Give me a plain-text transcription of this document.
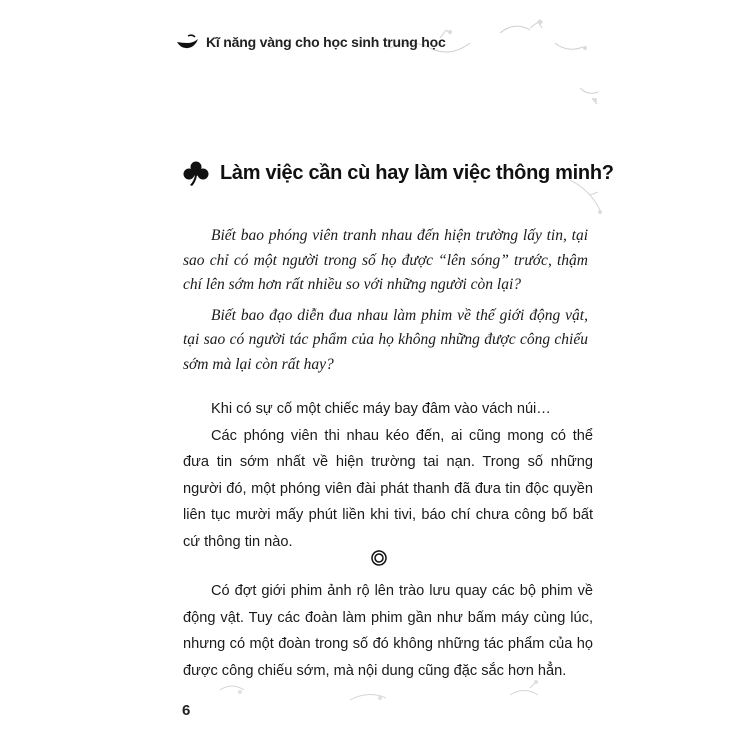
Kĩ năng vàng cho học sinh trung học
Làm việc cần cù hay làm việc thông minh?

Biết bao phóng viên tranh nhau đến hiện trường lấy tin, tại sao chỉ có một người trong số họ được “lên sóng” trước, thậm chí lên sớm hơn rất nhiều so với những người còn lại?

Biết bao đạo diễn đua nhau làm phim về thế giới động vật, tại sao có người tác phẩm của họ không những được công chiếu sớm mà lại còn rất hay?

Khi có sự cố một chiếc máy bay đâm vào vách núi…

Các phóng viên thi nhau kéo đến, ai cũng mong có thể đưa tin sớm nhất về hiện trường tai nạn. Trong số những người đó, một phóng viên đài phát thanh đã đưa tin độc quyền liên tục mười mấy phút liền khi tivi, báo chí chưa công bố bất cứ thông tin nào.

Có đợt giới phim ảnh rộ lên trào lưu quay các bộ phim về động vật. Tuy các đoàn làm phim gần như bấm máy cùng lúc, nhưng có một đoàn trong số đó không những tác phẩm của họ được công chiếu sớm, mà nội dung cũng đặc sắc hơn hẳn.

6
